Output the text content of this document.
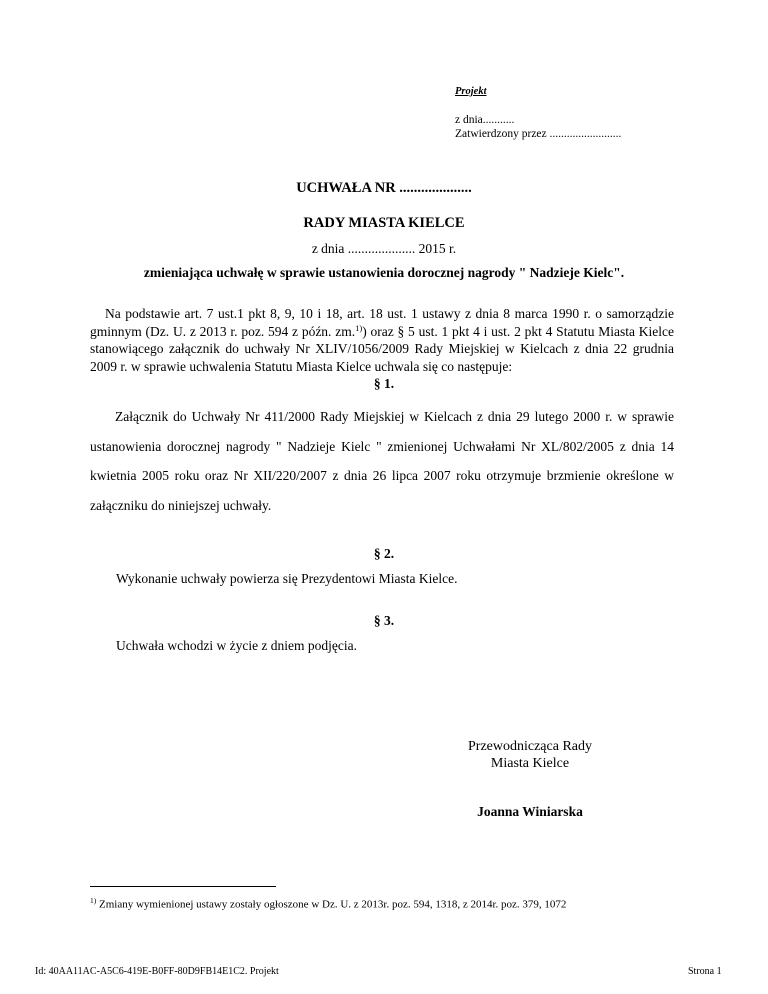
Projekt
z dnia...........
Zatwierdzony przez .........................
UCHWAŁA NR ....................
RADY MIASTA KIELCE
z dnia .................... 2015 r.
zmieniająca uchwałę w sprawie ustanowienia dorocznej nagrody " Nadzieje Kielc".
Na podstawie art. 7 ust.1 pkt 8, 9, 10 i 18, art. 18 ust. 1 ustawy z dnia 8 marca 1990 r. o samorządzie gminnym (Dz. U. z 2013 r. poz. 594 z późn. zm.$^{1)}$) oraz § 5 ust. 1 pkt 4 i ust. 2 pkt 4 Statutu Miasta Kielce stanowiącego załącznik do uchwały Nr XLIV/1056/2009 Rady Miejskiej w Kielcach z dnia 22 grudnia 2009 r. w sprawie uchwalenia Statutu Miasta Kielce uchwala się co następuje:
§ 1.
Załącznik do Uchwały Nr 411/2000 Rady Miejskiej w Kielcach z dnia 29 lutego 2000 r. w sprawie ustanowienia dorocznej nagrody " Nadzieje Kielc " zmienionej Uchwałami Nr XL/802/2005 z dnia 14 kwietnia 2005 roku oraz Nr XII/220/2007 z dnia 26 lipca 2007 roku otrzymuje brzmienie określone w załączniku do niniejszej uchwały.
§ 2.
Wykonanie uchwały powierza się Prezydentowi Miasta Kielce.
§ 3.
Uchwała wchodzi w życie z dniem podjęcia.
Przewodnicząca Rady
Miasta Kielce
Joanna Winiarska
$^{1)}$ Zmiany wymienionej ustawy zostały ogłoszone w Dz. U. z 2013r. poz. 594, 1318, z 2014r. poz. 379, 1072
Id: 40AA11AC-A5C6-419E-B0FF-80D9FB14E1C2. Projekt	Strona 1
